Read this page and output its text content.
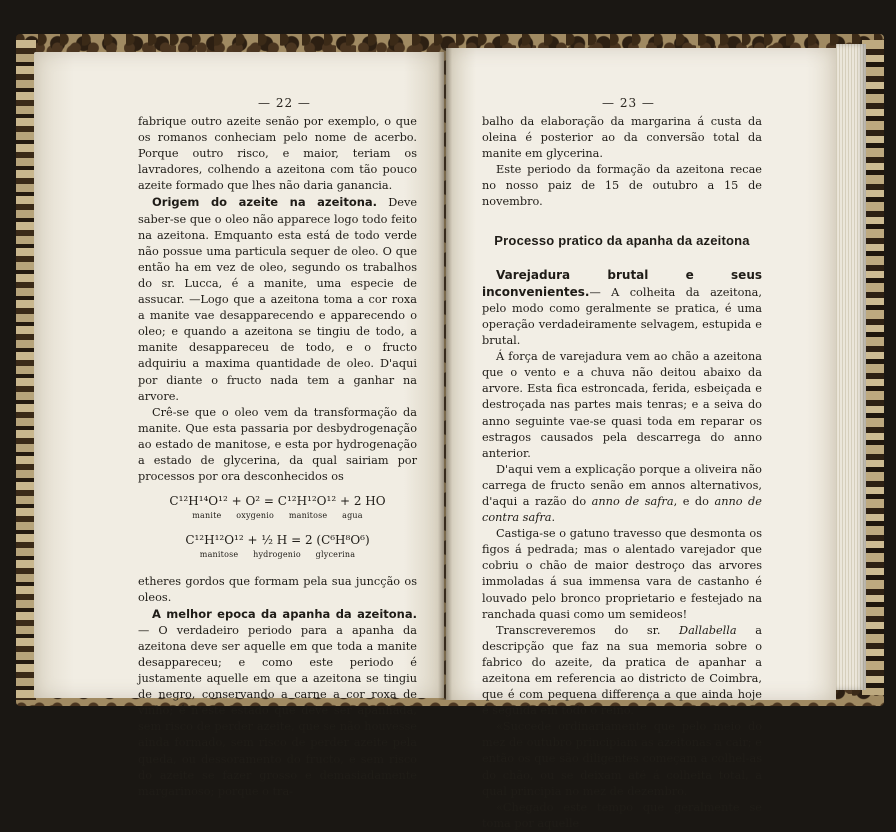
— 22 —

fabrique outro azeite senão por exemplo, o que os romanos conheciam pelo nome de acerbo. Porque outro risco, e maior, teriam os lavradores, colhendo a azeitona com tão pouco azeite formado que lhes não daria ganancia.

Origem do azeite na azeitona. Deve saber-se que o oleo não apparece logo todo feito na azeitona. Emquanto esta está de todo verde não possue uma particula sequer de oleo. O que então ha em vez de oleo, segundo os trabalhos do sr. Lucca, é a manite, uma especie de assucar. —Logo que a azeitona toma a cor roxa a manite vae desapparecendo e apparecendo o oleo; e quando a azeitona se tingiu de todo, a manite desappareceu de todo, e o fructo adquiriu a maxima quantidade de oleo. D'aqui por diante o fructo nada tem a ganhar na arvore.

Crê-se que o oleo vem da transformação da manite. Que esta passaria por desbydrogenação ao estado de manitose, e esta por hydrogenação a estado de glycerina, da qual sairiam por processos por ora desconhecidos os

C¹²H¹⁴O¹² + O² = C¹²H¹²O¹² + 2 HO
manite oxygenio manitose agua
C¹²H¹²O¹² + ½ H = 2 (C⁶H⁸O⁶)
manitose hydrogenio glycerina

etheres gordos que formam pela sua juncção os oleos.

A melhor epoca da apanha da azeitona. — O verdadeiro periodo para a apanha da azeitona deve ser aquelle em que toda a manite desappareceu; e como este periodo é justamente aquelle em que a azeitona se tingiu de negro, conservando a carne a cor roxa de vinho; é n'este estado que deve ser apanhada, sem risco de perder azeite, que se não houvesse ainda formado, sem risco de perder azeite pela queda, ou dessoramento do fructo, e sem risco do azeite se fazer grosso e demasiadamente margarinoso; porque o tra-

— 23 —

balho da elaboração da margarina á custa da oleina é posterior ao da conversão total da manite em glycerina.

Este periodo da formação da azeitona recae no nosso paiz de 15 de outubro a 15 de novembro.

Processo pratico da apanha da azeitona

Varejadura brutal e seus inconvenientes.— A colheita da azeitona, pelo modo como geralmente se pratica, é uma operação verdadeiramente selvagem, estupida e brutal.

Á força de varejadura vem ao chão a azeitona que o vento e a chuva não deitou abaixo da arvore. Esta fica estroncada, ferida, esbeiçada e destroçada nas partes mais tenras; e a seiva do anno seguinte vae-se quasi toda em reparar os estragos causados pela descarrega do anno anterior.

D'aqui vem a explicação porque a oliveira não carrega de fructo senão em annos alternativos, d'aqui a razão do anno de safra, e do anno de contra safra.

Castiga-se o gatuno travesso que desmonta os figos á pedrada; mas o alentado varejador que cobriu o chão de maior destroço das arvores immoladas á sua immensa vara de castanho é louvado pelo bronco proprietario e festejado na ranchada quasi como um semideos!

Transcreveremos do sr. Dallabella a descripção que faz na sua memoria sobre o fabrico do azeite, da pratica de apanhar a azeitona em referencia ao districto de Coimbra, que é com pequena differença a que ainda hoje é seguida em todo o reino.

«Succede ordinariamente que pelo meio do mez de outubro principiam as azeitonas a cair; e então os que são diligentes começam a colhel-as do chão, ou se deixam até á colheita total, a qual principia no mez de dezembro.

«Chegado este tempo que geralmente se toma por aquelle
